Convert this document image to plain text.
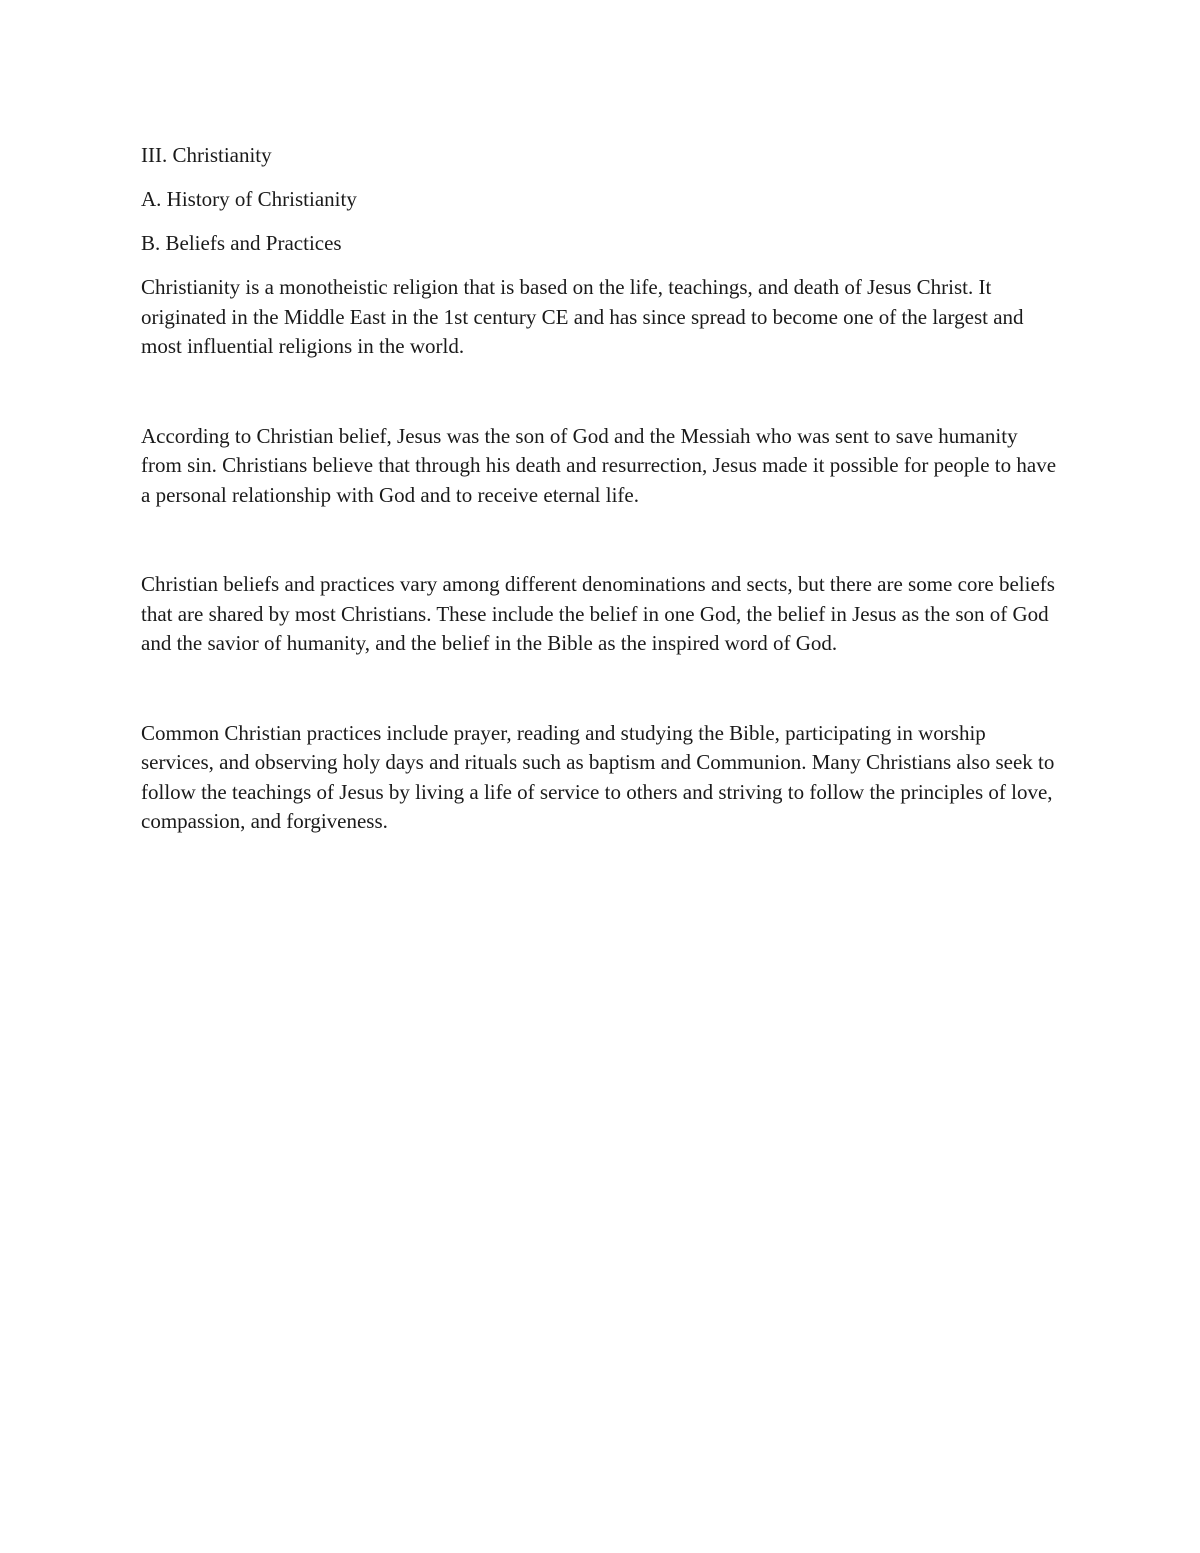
III. Christianity
A. History of Christianity
B. Beliefs and Practices

Christianity is a monotheistic religion that is based on the life, teachings, and death of Jesus Christ. It originated in the Middle East in the 1st century CE and has since spread to become one of the largest and most influential religions in the world.

According to Christian belief, Jesus was the son of God and the Messiah who was sent to save humanity from sin. Christians believe that through his death and resurrection, Jesus made it possible for people to have a personal relationship with God and to receive eternal life.

Christian beliefs and practices vary among different denominations and sects, but there are some core beliefs that are shared by most Christians. These include the belief in one God, the belief in Jesus as the son of God and the savior of humanity, and the belief in the Bible as the inspired word of God.

Common Christian practices include prayer, reading and studying the Bible, participating in worship services, and observing holy days and rituals such as baptism and Communion. Many Christians also seek to follow the teachings of Jesus by living a life of service to others and striving to follow the principles of love, compassion, and forgiveness.
